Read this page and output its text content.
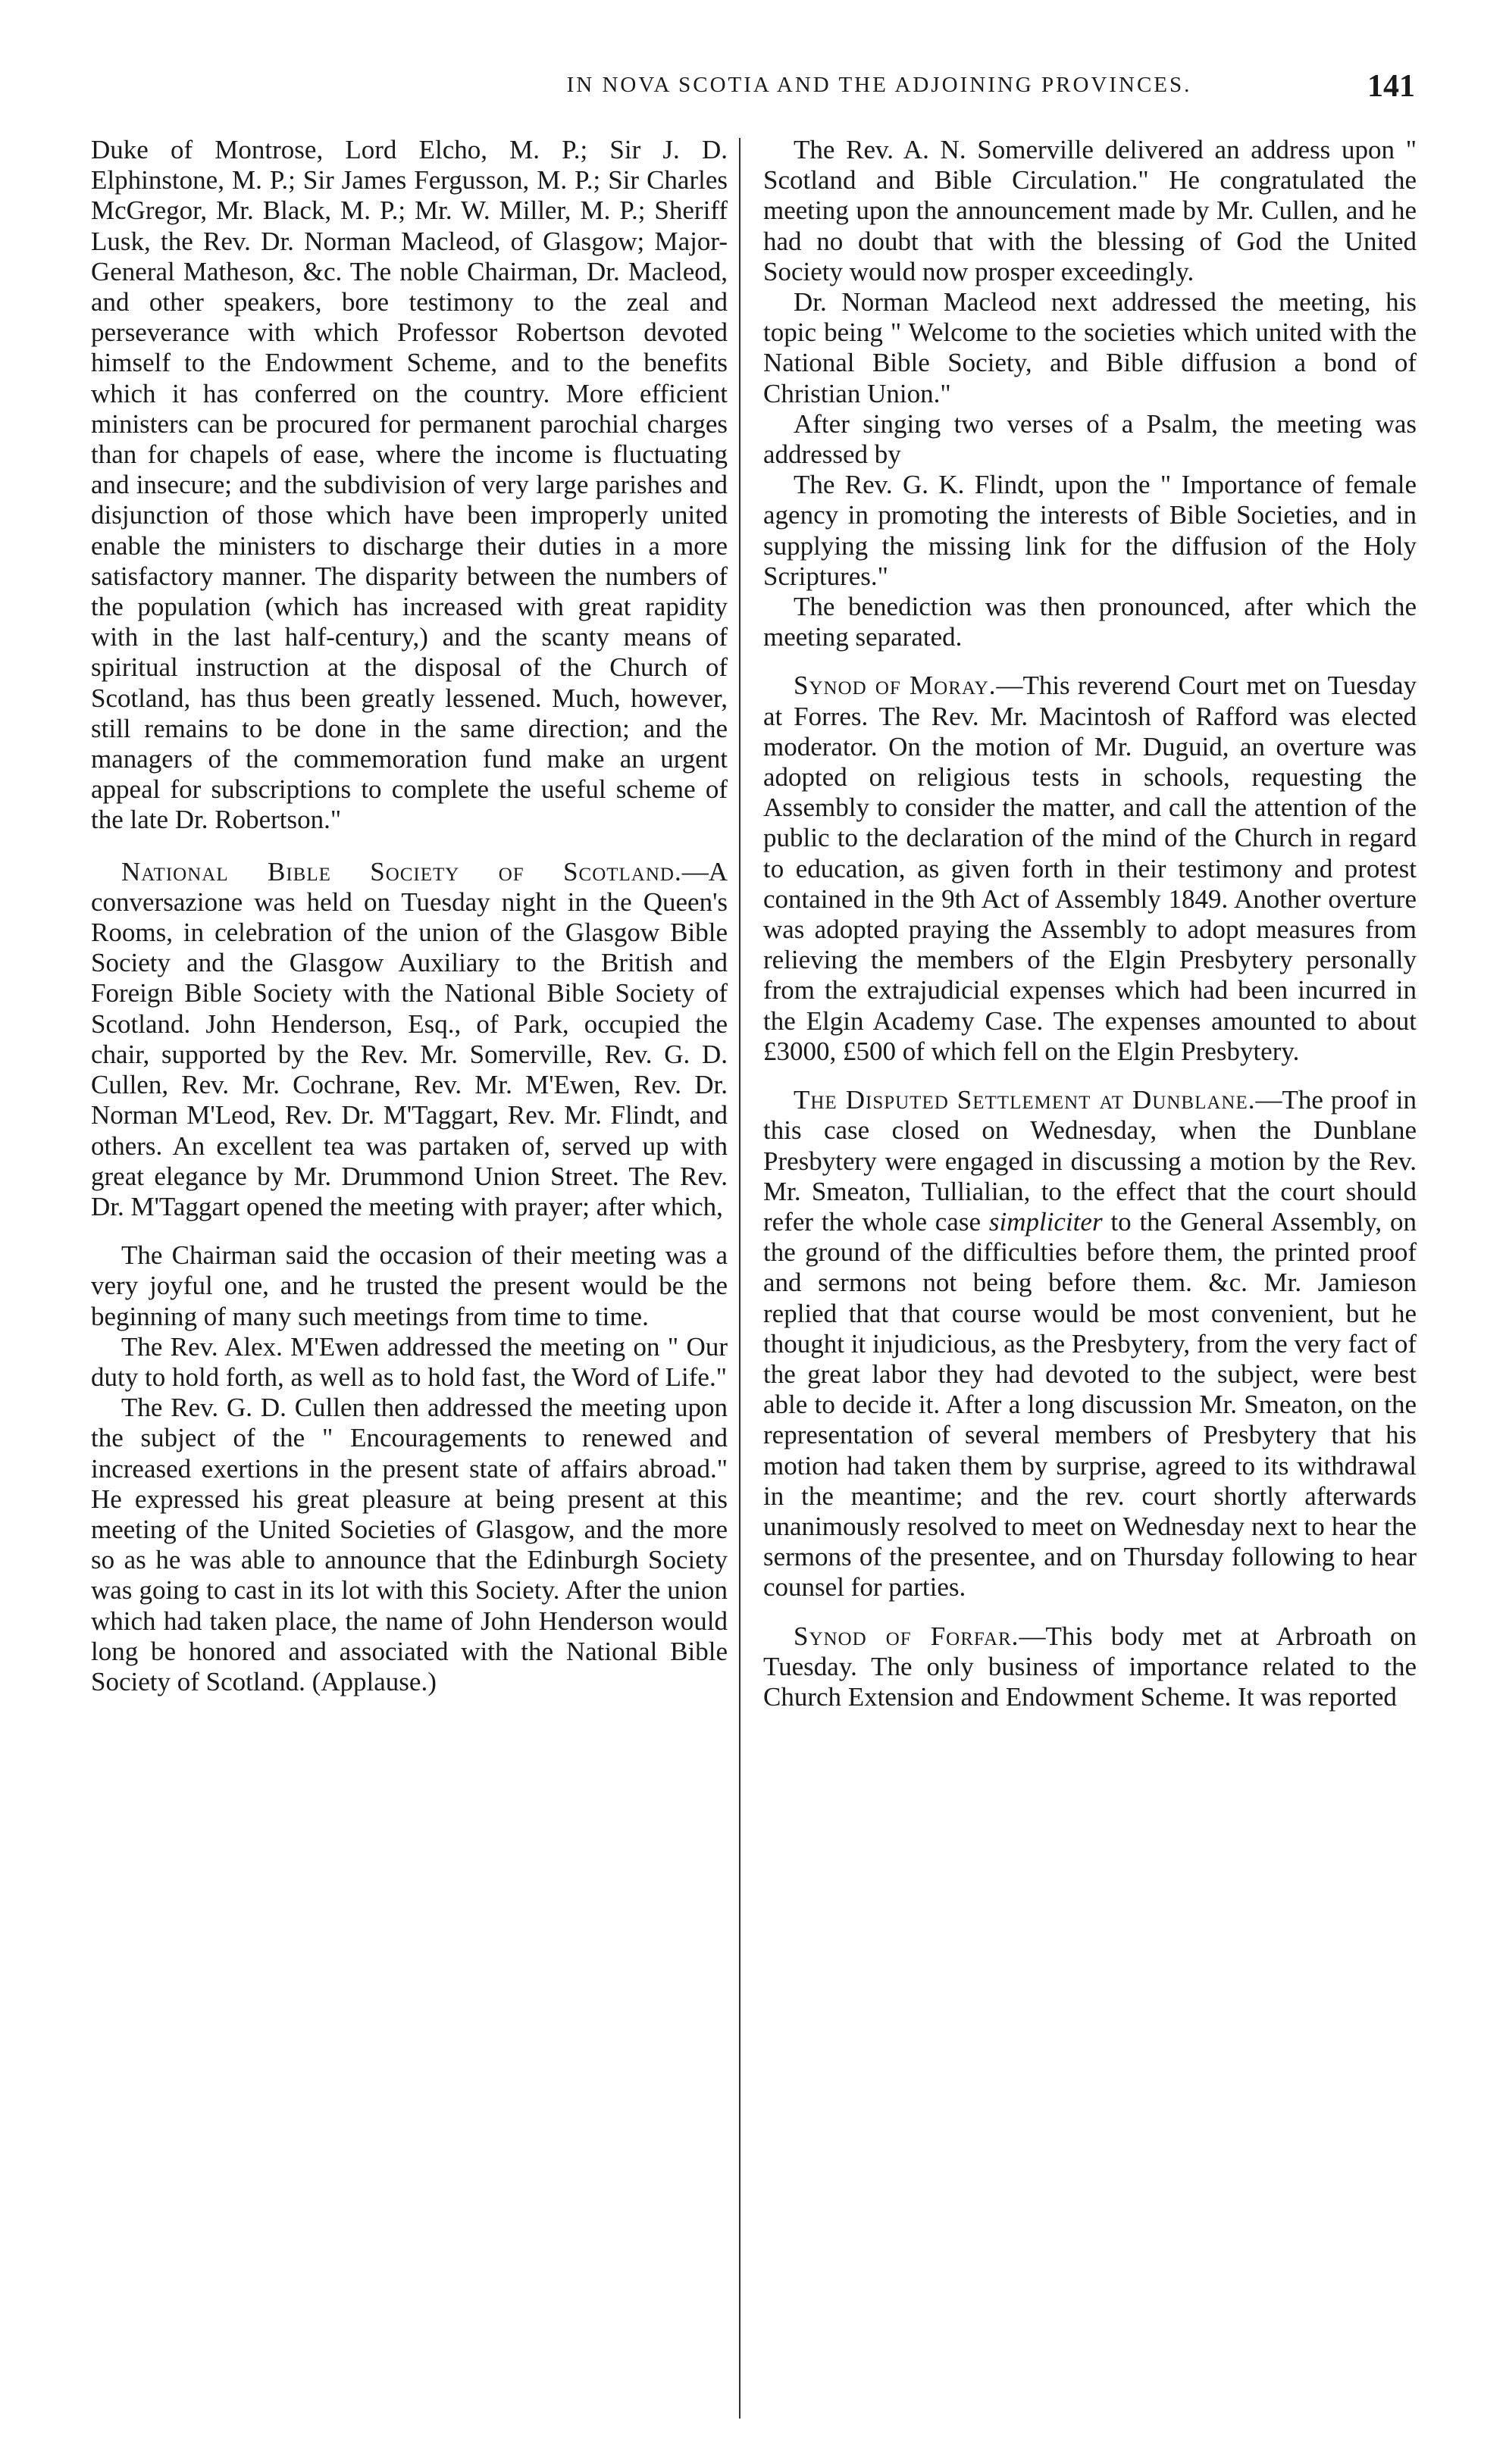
IN NOVA SCOTIA AND THE ADJOINING PROVINCES.	141

Duke of Montrose, Lord Elcho, M. P.; Sir J. D. Elphinstone, M. P.; Sir James Fergusson, M. P.; Sir Charles McGregor, Mr. Black, M. P.; Mr. W. Miller, M. P.; Sheriff Lusk, the Rev. Dr. Norman Macleod, of Glasgow; Major-General Matheson, &c. The noble Chairman, Dr. Macleod, and other speakers, bore testimony to the zeal and perseverance with which Professor Robertson devoted himself to the Endowment Scheme, and to the benefits which it has conferred on the country. More efficient ministers can be procured for permanent parochial charges than for chapels of ease, where the income is fluctuating and insecure; and the subdivision of very large parishes and disjunction of those which have been improperly united enable the ministers to discharge their duties in a more satisfactory manner. The disparity between the numbers of the population (which has increased with great rapidity with in the last half-century,) and the scanty means of spiritual instruction at the disposal of the Church of Scotland, has thus been greatly lessened. Much, however, still remains to be done in the same direction; and the managers of the commemoration fund make an urgent appeal for subscriptions to complete the useful scheme of the late Dr. Robertson."

National Bible Society of Scotland.—A conversazione was held on Tuesday night in the Queen's Rooms, in celebration of the union of the Glasgow Bible Society and the Glasgow Auxiliary to the British and Foreign Bible Society with the National Bible Society of Scotland. John Henderson, Esq., of Park, occupied the chair, supported by the Rev. Mr. Somerville, Rev. G. D. Cullen, Rev. Mr. Cochrane, Rev. Mr. M'Ewen, Rev. Dr. Norman M'Leod, Rev. Dr. M'Taggart, Rev. Mr. Flindt, and others. An excellent tea was partaken of, served up with great elegance by Mr. Drummond Union Street. The Rev. Dr. M'Taggart opened the meeting with prayer; after which,

The Chairman said the occasion of their meeting was a very joyful one, and he trusted the present would be the beginning of many such meetings from time to time.

The Rev. Alex. M'Ewen addressed the meeting on " Our duty to hold forth, as well as to hold fast, the Word of Life."

The Rev. G. D. Cullen then addressed the meeting upon the subject of the " Encouragements to renewed and increased exertions in the present state of affairs abroad." He expressed his great pleasure at being present at this meeting of the United Societies of Glasgow, and the more so as he was able to announce that the Edinburgh Society was going to cast in its lot with this Society. After the union which had taken place, the name of John Henderson would long be honored and associated with the National Bible Society of Scotland. (Applause.)

The Rev. A. N. Somerville delivered an address upon " Scotland and Bible Circulation." He congratulated the meeting upon the announcement made by Mr. Cullen, and he had no doubt that with the blessing of God the United Society would now prosper exceedingly.

Dr. Norman Macleod next addressed the meeting, his topic being " Welcome to the societies which united with the National Bible Society, and Bible diffusion a bond of Christian Union."

After singing two verses of a Psalm, the meeting was addressed by

The Rev. G. K. Flindt, upon the " Importance of female agency in promoting the interests of Bible Societies, and in supplying the missing link for the diffusion of the Holy Scriptures."

The benediction was then pronounced, after which the meeting separated.

Synod of Moray.—This reverend Court met on Tuesday at Forres. The Rev. Mr. Macintosh of Rafford was elected moderator. On the motion of Mr. Duguid, an overture was adopted on religious tests in schools, requesting the Assembly to consider the matter, and call the attention of the public to the declaration of the mind of the Church in regard to education, as given forth in their testimony and protest contained in the 9th Act of Assembly 1849. Another overture was adopted praying the Assembly to adopt measures from relieving the members of the Elgin Presbytery personally from the extrajudicial expenses which had been incurred in the Elgin Academy Case. The expenses amounted to about £3000, £500 of which fell on the Elgin Presbytery.

The Disputed Settlement at Dunblane.—The proof in this case closed on Wednesday, when the Dunblane Presbytery were engaged in discussing a motion by the Rev. Mr. Smeaton, Tullialian, to the effect that the court should refer the whole case simpliciter to the General Assembly, on the ground of the difficulties before them, the printed proof and sermons not being before them. &c. Mr. Jamieson replied that that course would be most convenient, but he thought it injudicious, as the Presbytery, from the very fact of the great labor they had devoted to the subject, were best able to decide it. After a long discussion Mr. Smeaton, on the representation of several members of Presbytery that his motion had taken them by surprise, agreed to its withdrawal in the meantime; and the rev. court shortly afterwards unanimously resolved to meet on Wednesday next to hear the sermons of the presentee, and on Thursday following to hear counsel for parties.

Synod of Forfar.—This body met at Arbroath on Tuesday. The only business of importance related to the Church Extension and Endowment Scheme. It was reported
